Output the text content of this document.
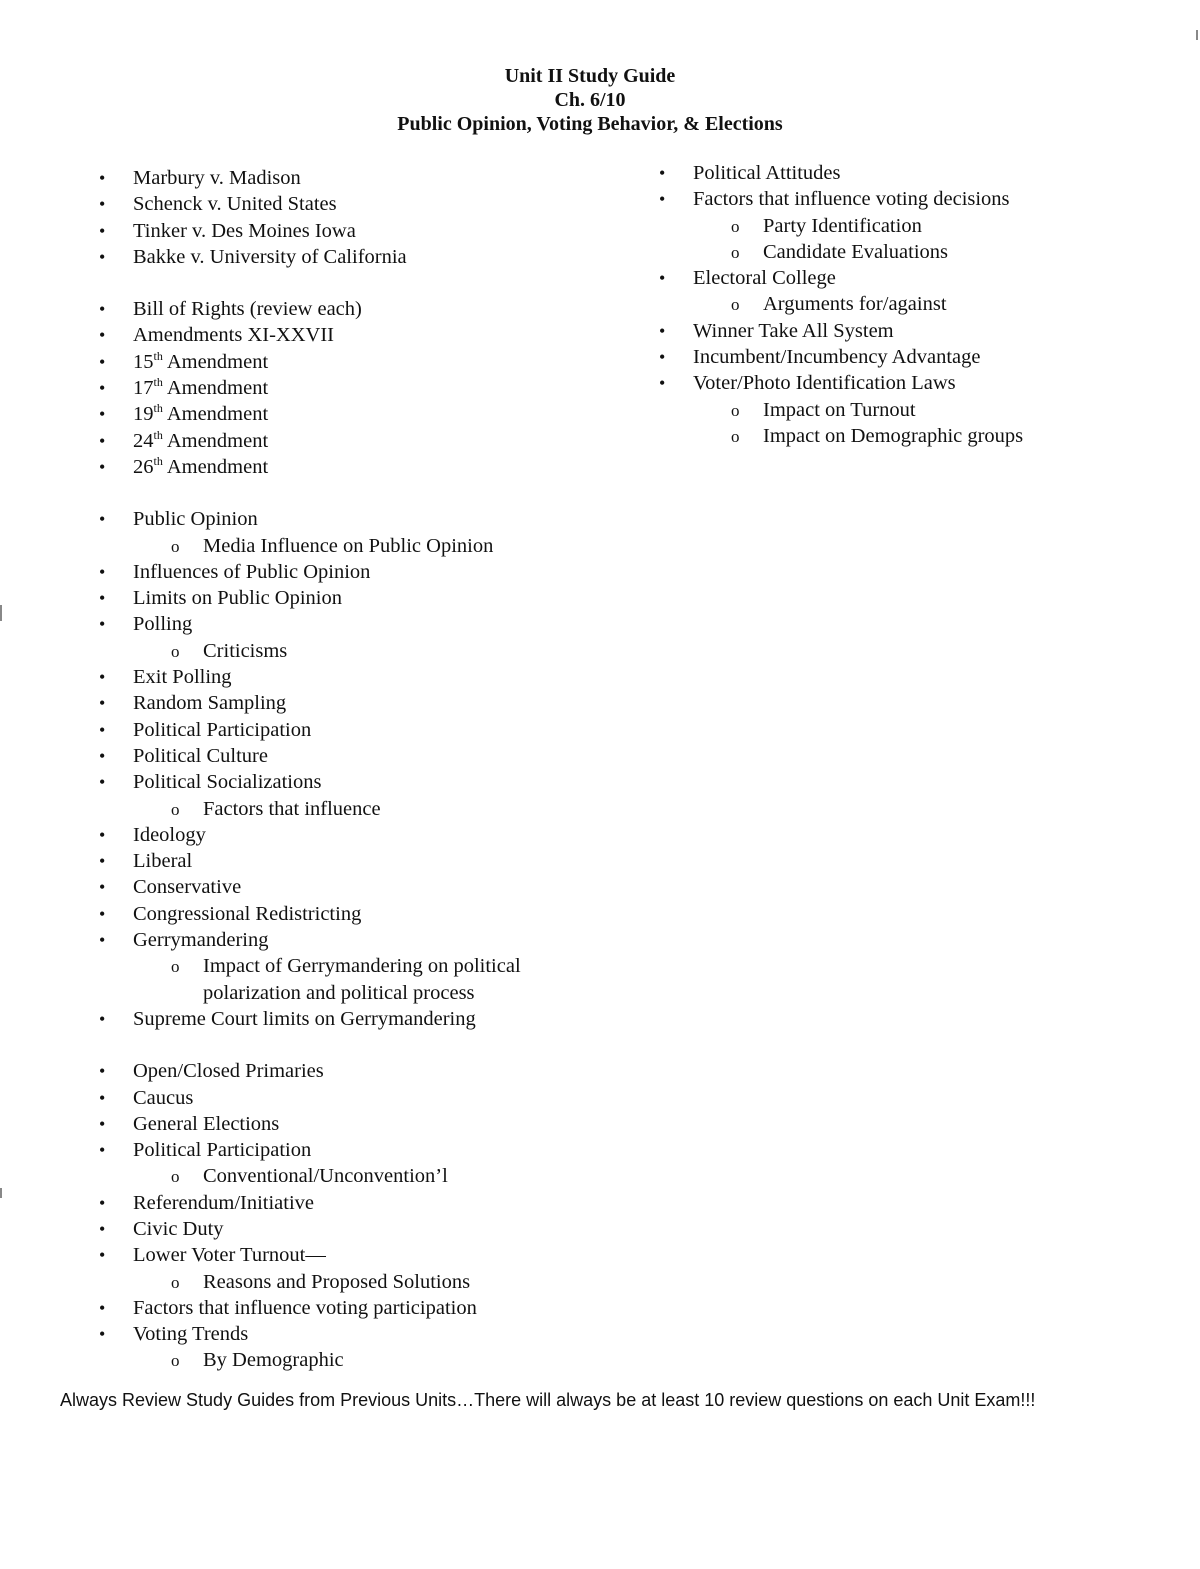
Unit II Study Guide
Ch. 6/10
Public Opinion, Voting Behavior, & Elections
• Marbury v. Madison
• Schenck v. United States
• Tinker v. Des Moines Iowa
• Bakke v. University of California
• Bill of Rights (review each)
• Amendments XI-XXVII
• 15th Amendment
• 17th Amendment
• 19th Amendment
• 24th Amendment
• 26th Amendment
• Public Opinion
o Media Influence on Public Opinion
• Influences of Public Opinion
• Limits on Public Opinion
• Polling
o Criticisms
• Exit Polling
• Random Sampling
• Political Participation
• Political Culture
• Political Socializations
o Factors that influence
• Ideology
• Liberal
• Conservative
• Congressional Redistricting
• Gerrymandering
o Impact of Gerrymandering on political polarization and political process
• Supreme Court limits on Gerrymandering
• Open/Closed Primaries
• Caucus
• General Elections
• Political Participation
o Conventional/Unconvention’l
• Referendum/Initiative
• Civic Duty
• Lower Voter Turnout—
o Reasons and Proposed Solutions
• Factors that influence voting participation
• Voting Trends
o By Demographic
• Political Attitudes
• Factors that influence voting decisions
o Party Identification
o Candidate Evaluations
• Electoral College
o Arguments for/against
• Winner Take All System
• Incumbent/Incumbency Advantage
• Voter/Photo Identification Laws
o Impact on Turnout
o Impact on Demographic groups
Always Review Study Guides from Previous Units…There will always be at least 10 review questions on each Unit Exam!!!
